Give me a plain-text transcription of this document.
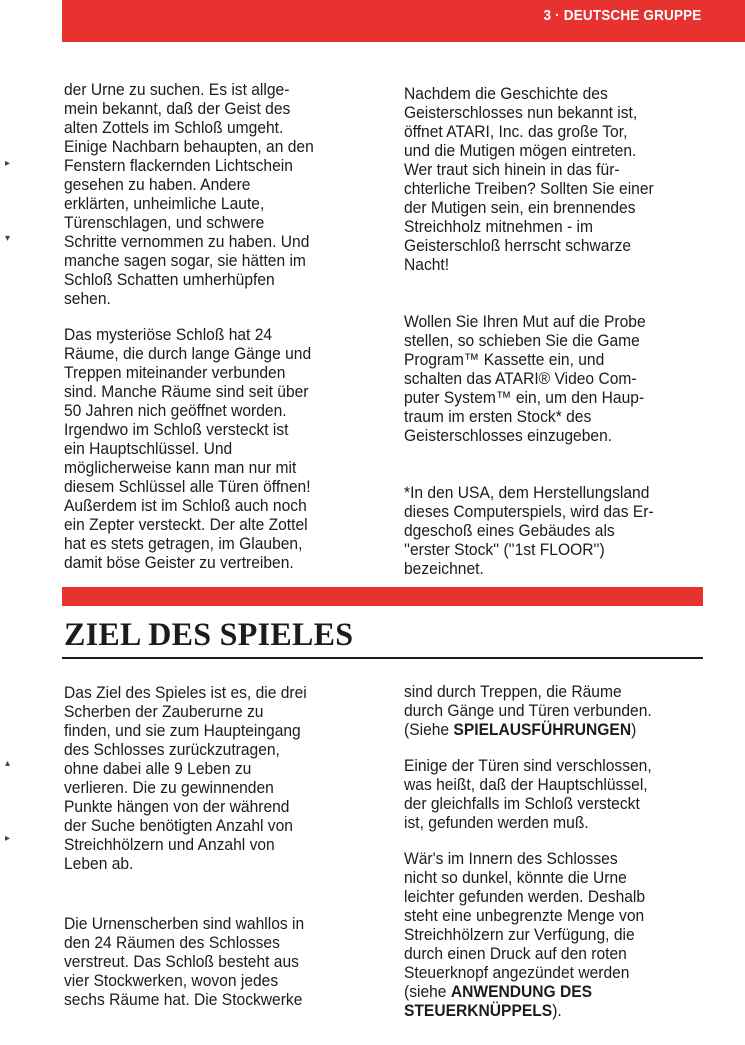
3 · DEUTSCHE GRUPPE
▸
▾
▴
▸

der Urne zu suchen. Es ist allge-
mein bekannt, daß der Geist des
alten Zottels im Schloß umgeht.
Einige Nachbarn behaupten, an den
Fenstern flackernden Lichtschein
gesehen zu haben. Andere
erklärten, unheimliche Laute,
Türenschlagen, und schwere
Schritte vernommen zu haben. Und
manche sagen sogar, sie hätten im
Schloß Schatten umherhüpfen
sehen.

Das mysteriöse Schloß hat 24
Räume, die durch lange Gänge und
Treppen miteinander verbunden
sind. Manche Räume sind seit über
50 Jahren nich geöffnet worden.
Irgendwo im Schloß versteckt ist
ein Hauptschlüssel. Und
möglicherweise kann man nur mit
diesem Schlüssel alle Türen öffnen!
Außerdem ist im Schloß auch noch
ein Zepter versteckt. Der alte Zottel
hat es stets getragen, im Glauben,
damit böse Geister zu vertreiben.

Nachdem die Geschichte des
Geisterschlosses nun bekannt ist,
öffnet ATARI, Inc. das große Tor,
und die Mutigen mögen eintreten.
Wer traut sich hinein in das für-
chterliche Treiben? Sollten Sie einer
der Mutigen sein, ein brennendes
Streichholz mitnehmen - im
Geisterschloß herrscht schwarze
Nacht!

Wollen Sie Ihren Mut auf die Probe
stellen, so schieben Sie die Game
Program™ Kassette ein, und
schalten das ATARI® Video Com-
puter System™ ein, um den Haup-
traum im ersten Stock* des
Geisterschlosses einzugeben.

*In den USA, dem Herstellungsland
dieses Computerspiels, wird das Er-
dgeschoß eines Gebäudes als
''erster Stock'' (''1st FLOOR'')
bezeichnet.

ZIEL DES SPIELES

Das Ziel des Spieles ist es, die drei
Scherben der Zauberurne zu
finden, und sie zum Haupteingang
des Schlosses zurückzutragen,
ohne dabei alle 9 Leben zu
verlieren. Die zu gewinnenden
Punkte hängen von der während
der Suche benötigten Anzahl von
Streichhölzern und Anzahl von
Leben ab.

Die Urnenscherben sind wahllos in
den 24 Räumen des Schlosses
verstreut. Das Schloß besteht aus
vier Stockwerken, wovon jedes
sechs Räume hat. Die Stockwerke

sind durch Treppen, die Räume
durch Gänge und Türen verbunden.
(Siehe SPIELAUSFÜHRUNGEN)

Einige der Türen sind verschlossen,
was heißt, daß der Hauptschlüssel,
der gleichfalls im Schloß versteckt
ist, gefunden werden muß.

Wär's im Innern des Schlosses
nicht so dunkel, könnte die Urne
leichter gefunden werden. Deshalb
steht eine unbegrenzte Menge von
Streichhölzern zur Verfügung, die
durch einen Druck auf den roten
Steuerknopf angezündet werden
(siehe ANWENDUNG DES
STEUERKNÜPPELS).
